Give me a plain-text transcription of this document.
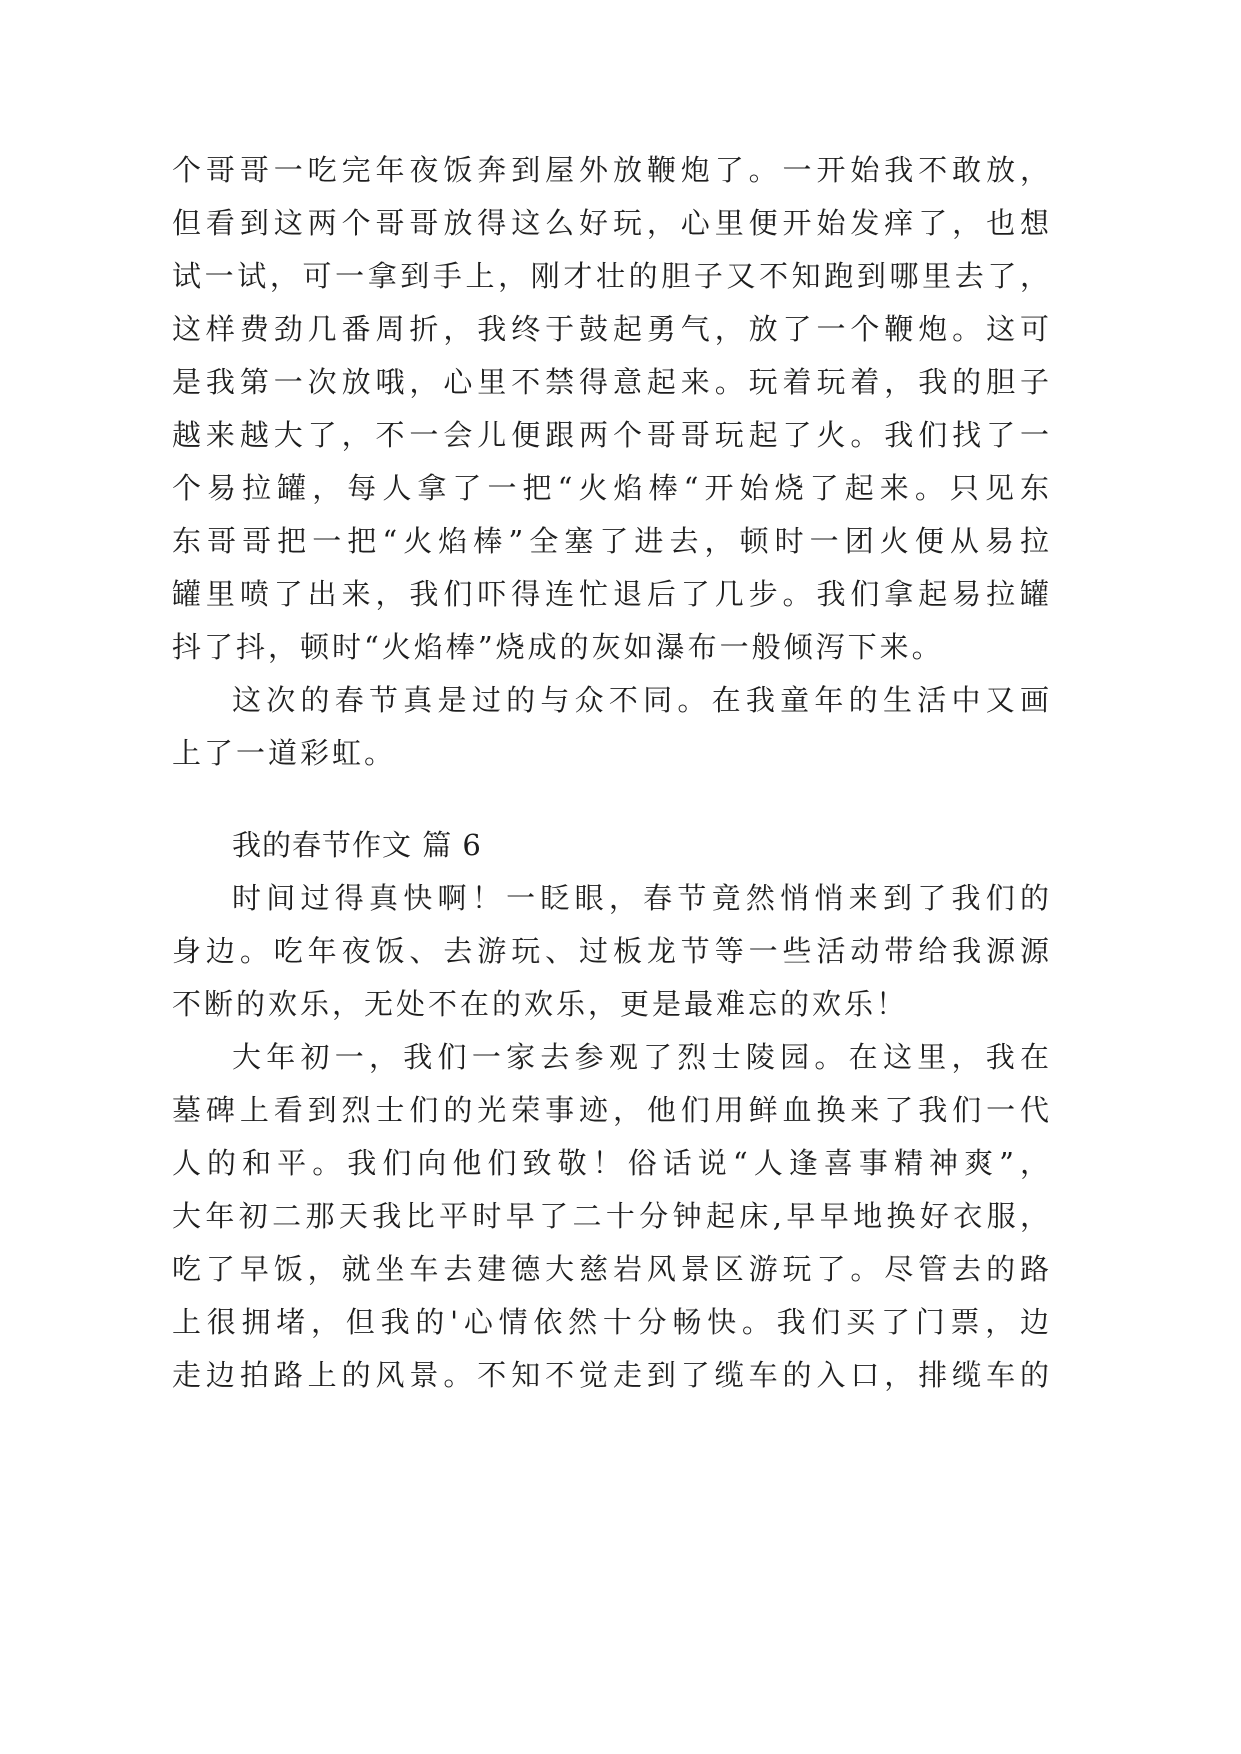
个哥哥一吃完年夜饭奔到屋外放鞭炮了。一开始我不敢放，
但看到这两个哥哥放得这么好玩，心里便开始发痒了，也想
试一试，可一拿到手上，刚才壮的胆子又不知跑到哪里去了，
这样费劲几番周折，我终于鼓起勇气，放了一个鞭炮。这可
是我第一次放哦，心里不禁得意起来。玩着玩着，我的胆子
越来越大了，不一会儿便跟两个哥哥玩起了火。我们找了一
个易拉罐，每人拿了一把“火焰棒“开始烧了起来。只见东
东哥哥把一把“火焰棒”全塞了进去，顿时一团火便从易拉
罐里喷了出来，我们吓得连忙退后了几步。我们拿起易拉罐
抖了抖，顿时“火焰棒”烧成的灰如瀑布一般倾泻下来。
这次的春节真是过的与众不同。在我童年的生活中又画
上了一道彩虹。
我的春节作文 篇 6
时间过得真快啊！一眨眼，春节竟然悄悄来到了我们的
身边。吃年夜饭、去游玩、过板龙节等一些活动带给我源源
不断的欢乐，无处不在的欢乐，更是最难忘的欢乐！
大年初一，我们一家去参观了烈士陵园。在这里，我在
墓碑上看到烈士们的光荣事迹，他们用鲜血换来了我们一代
人的和平。我们向他们致敬！俗话说“人逢喜事精神爽”，
大年初二那天我比平时早了二十分钟起床,早早地换好衣服，
吃了早饭，就坐车去建德大慈岩风景区游玩了。尽管去的路
上很拥堵，但我的'心情依然十分畅快。我们买了门票，边
走边拍路上的风景。不知不觉走到了缆车的入口，排缆车的
